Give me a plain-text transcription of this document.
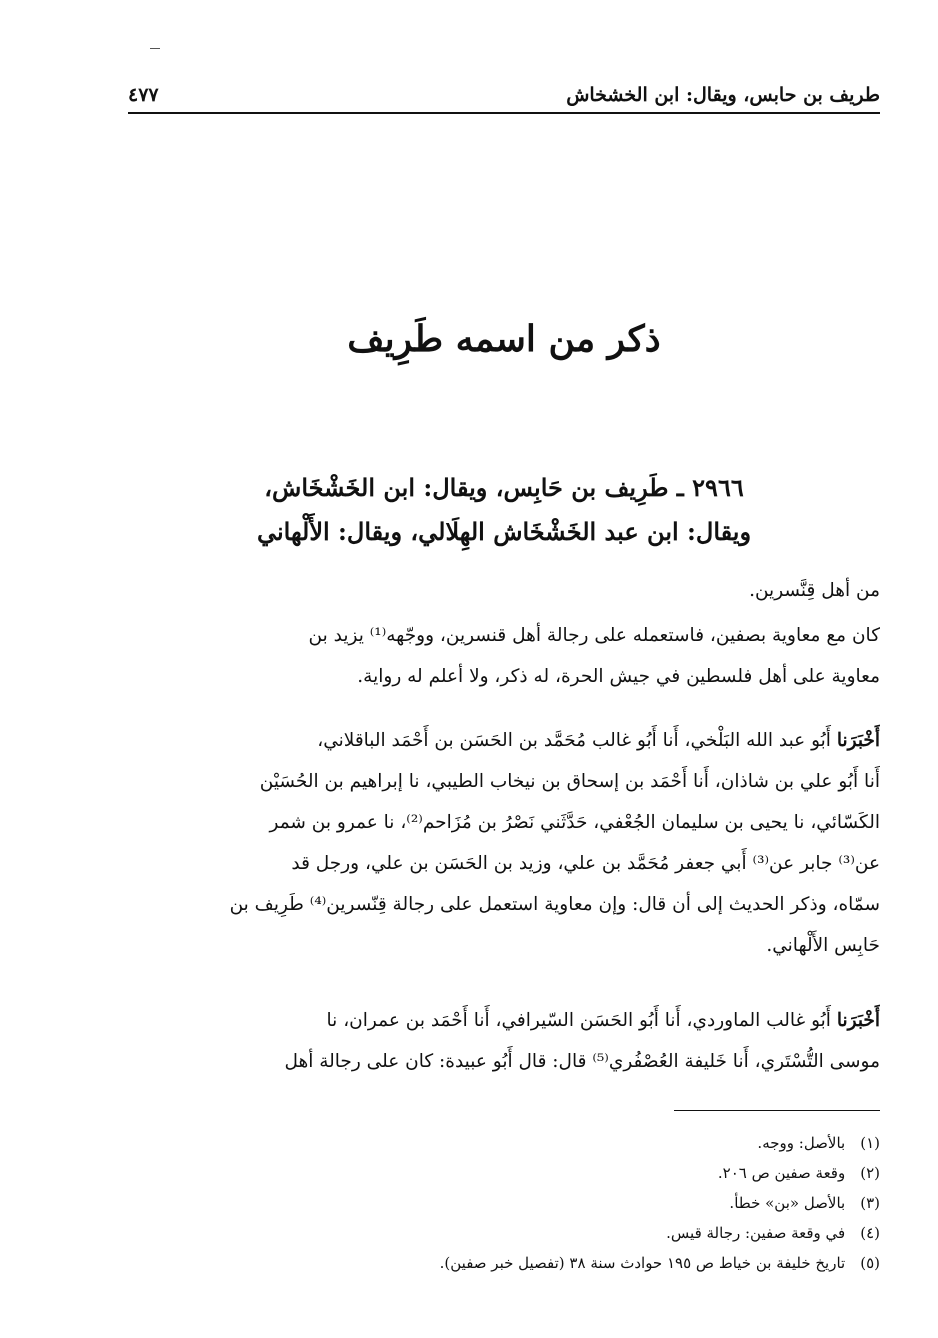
طريف بن حابس، ويقال: ابن الخشخاش
٤٧٧
ذكر من اسمه طَرِيف
٢٩٦٦ ـ طَرِيف بن حَابِس، ويقال: ابن الخَشْخَاش،
ويقال: ابن عبد الخَشْخَاش الهِلَالي، ويقال: الأَلْهاني
من أهل قِنَّسرين.
كان مع معاوية بصفين، فاستعمله على رجالة أهل قنسرين، ووجّهه⁽¹⁾ يزيد بن
معاوية على أهل فلسطين في جيش الحرة، له ذكر، ولا أعلم له رواية.
أَخْبَرَنا أَبُو عبد الله البَلْخي، أَنا أَبُو غالب مُحَمَّد بن الحَسَن بن أَحْمَد الباقلاني،
أَنا أَبُو علي بن شاذان، أَنا أَحْمَد بن إسحاق بن نيخاب الطيبي، نا إبراهيم بن الحُسَيْن
الكَسّائي، نا يحيى بن سليمان الجُعْفي، حَدَّثَني نَصْرُ بن مُزَاحم⁽²⁾، نا عمرو بن شمر
عن⁽³⁾ جابر عن⁽³⁾ أَبي جعفر مُحَمَّد بن علي، وزيد بن الحَسَن بن علي، ورجل قد
سمّاه، وذكر الحديث إلى أن قال: وإن معاوية استعمل على رجالة قِنّسرين⁽⁴⁾ طَرِيف بن
حَابِس الأَلْهاني.
أَخْبَرَنا أَبُو غالب الماوردي، أَنا أَبُو الحَسَن السّيرافي، أَنا أَحْمَد بن عمران، نا
موسى التُّسْتَري، أَنا خَليفة العُصْفُري⁽⁵⁾ قال: قال أَبُو عبيدة: كان على رجالة أهل
(١) بالأصل: ووجه.
(٢) وقعة صفين ص ٢٠٦.
(٣) بالأصل «بن» خطأ.
(٤) في وقعة صفين: رجالة قيس.
(٥) تاريخ خليفة بن خياط ص ١٩٥ حوادث سنة ٣٨ (تفصيل خبر صفين).
